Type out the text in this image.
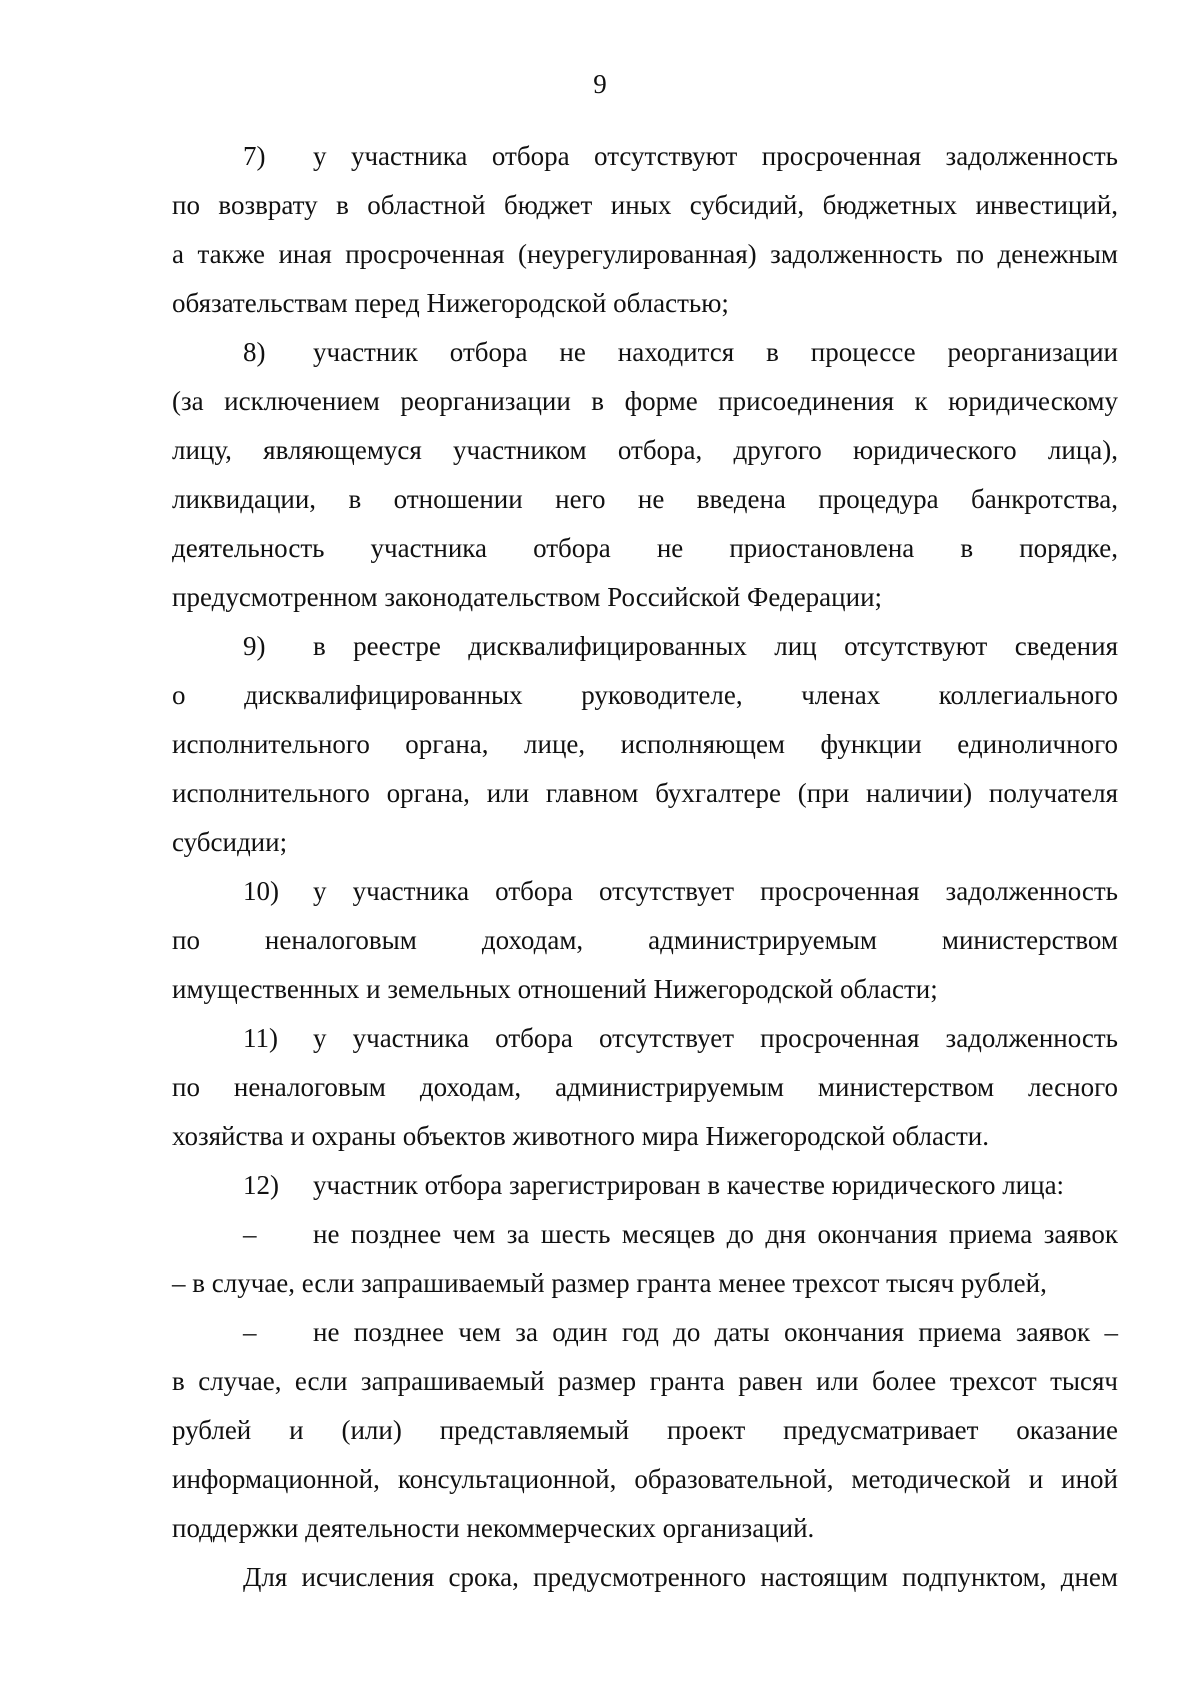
9
7) у участника отбора отсутствуют просроченная задолженность
по возврату в областной бюджет иных субсидий, бюджетных инвестиций,
а также иная просроченная (неурегулированная) задолженность по денежным
обязательствам перед Нижегородской областью;
8) участник отбора не находится в процессе реорганизации
(за исключением реорганизации в форме присоединения к юридическому
лицу, являющемуся участником отбора, другого юридического лица),
ликвидации, в отношении него не введена процедура банкротства,
деятельность участника отбора не приостановлена в порядке,
предусмотренном законодательством Российской Федерации;
9) в реестре дисквалифицированных лиц отсутствуют сведения
о дисквалифицированных руководителе, членах коллегиального
исполнительного органа, лице, исполняющем функции единоличного
исполнительного органа, или главном бухгалтере (при наличии) получателя
субсидии;
10) у участника отбора отсутствует просроченная задолженность
по неналоговым доходам, администрируемым министерством
имущественных и земельных отношений Нижегородской области;
11) у участника отбора отсутствует просроченная задолженность
по неналоговым доходам, администрируемым министерством лесного
хозяйства и охраны объектов животного мира Нижегородской области.
12) участник отбора зарегистрирован в качестве юридического лица:
– не позднее чем за шесть месяцев до дня окончания приема заявок
– в случае, если запрашиваемый размер гранта менее трехсот тысяч рублей,
– не позднее чем за один год до даты окончания приема заявок –
в случае, если запрашиваемый размер гранта равен или более трехсот тысяч
рублей и (или) представляемый проект предусматривает оказание
информационной, консультационной, образовательной, методической и иной
поддержки деятельности некоммерческих организаций.
Для исчисления срока, предусмотренного настоящим подпунктом, днем
